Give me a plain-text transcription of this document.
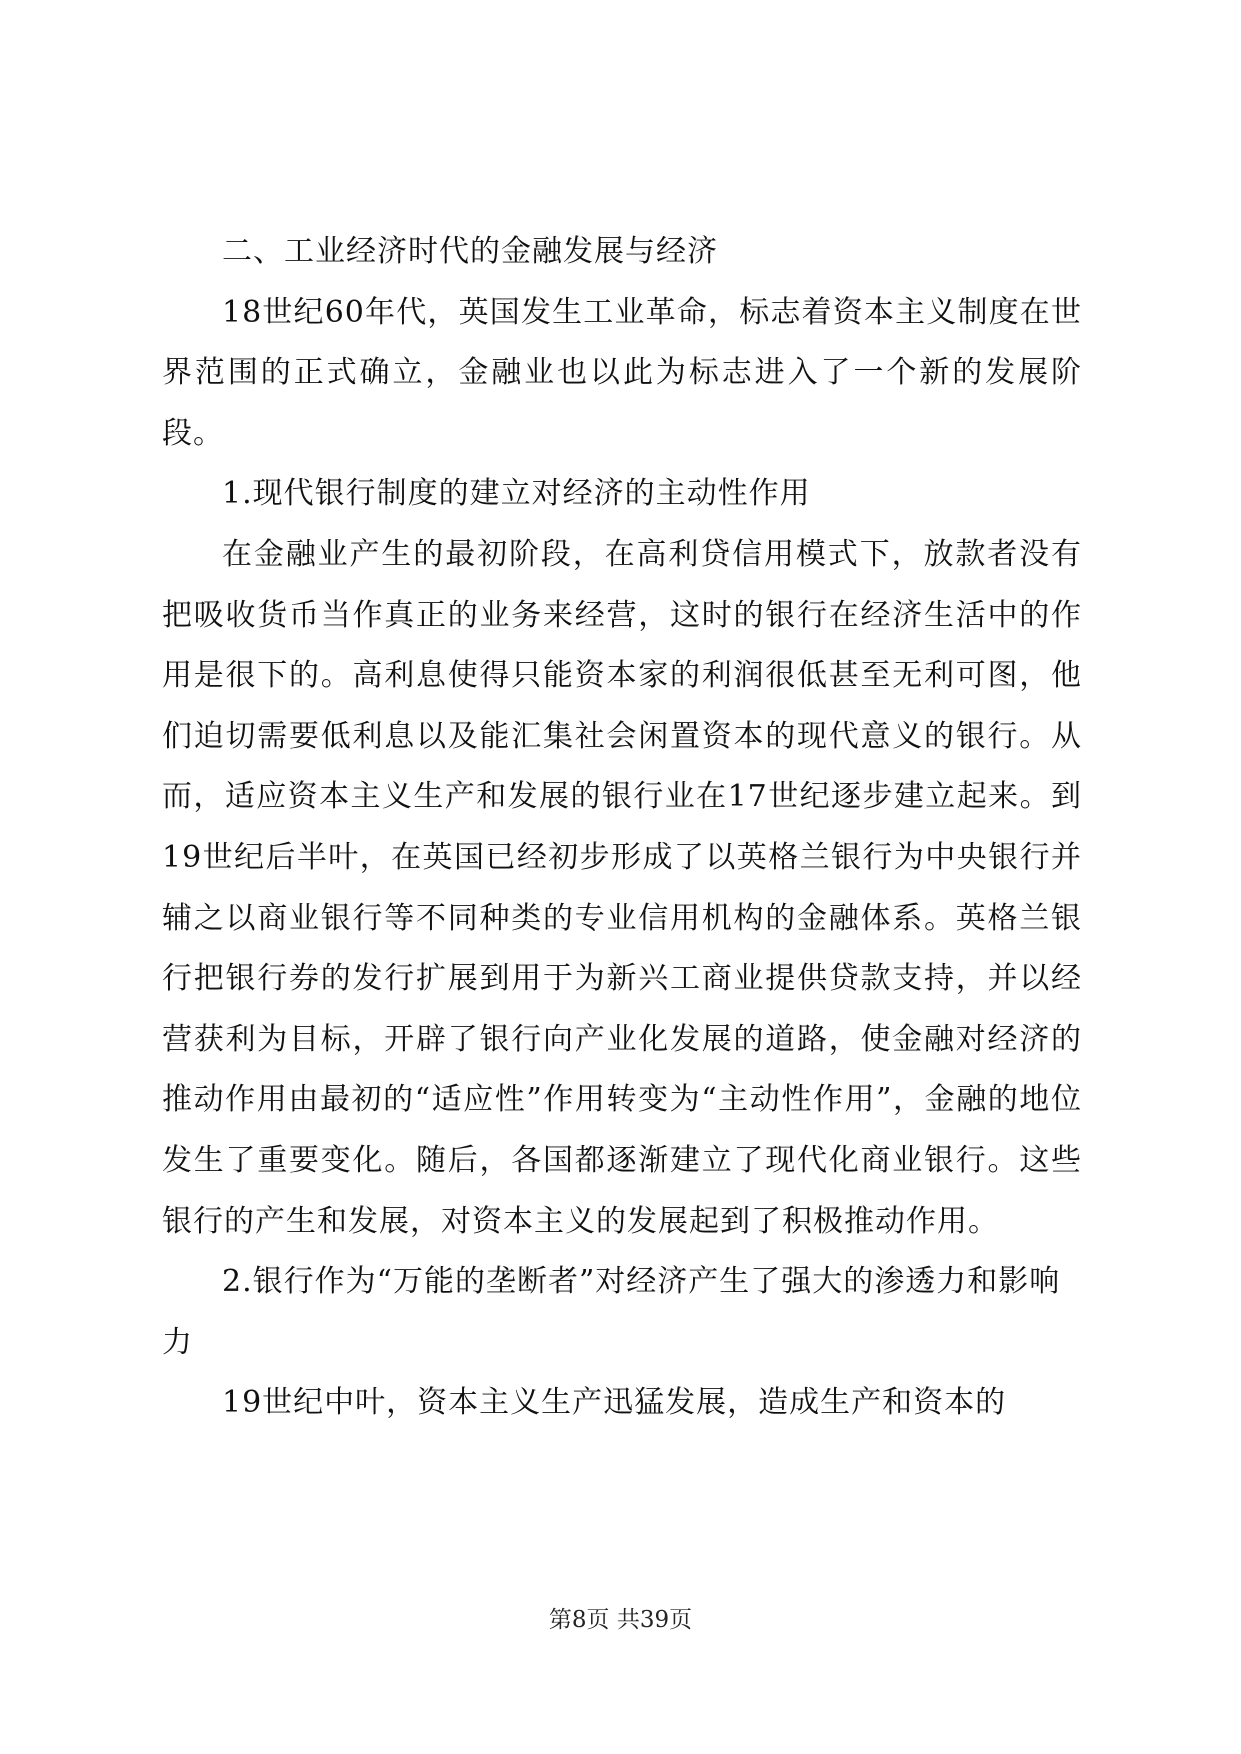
二、工业经济时代的金融发展与经济

18世纪60年代，英国发生工业革命，标志着资本主义制度在世界范围的正式确立，金融业也以此为标志进入了一个新的发展阶段。

1.现代银行制度的建立对经济的主动性作用

在金融业产生的最初阶段，在高利贷信用模式下，放款者没有把吸收货币当作真正的业务来经营，这时的银行在经济生活中的作用是很下的。高利息使得只能资本家的利润很低甚至无利可图，他们迫切需要低利息以及能汇集社会闲置资本的现代意义的银行。从而，适应资本主义生产和发展的银行业在17世纪逐步建立起来。到19世纪后半叶，在英国已经初步形成了以英格兰银行为中央银行并辅之以商业银行等不同种类的专业信用机构的金融体系。英格兰银行把银行券的发行扩展到用于为新兴工商业提供贷款支持，并以经营获利为目标，开辟了银行向产业化发展的道路，使金融对经济的推动作用由最初的“适应性”作用转变为“主动性作用”，金融的地位发生了重要变化。随后，各国都逐渐建立了现代化商业银行。这些银行的产生和发展，对资本主义的发展起到了积极推动作用。

2.银行作为“万能的垄断者”对经济产生了强大的渗透力和影响力

19世纪中叶，资本主义生产迅猛发展，造成生产和资本的

第8页 共39页
